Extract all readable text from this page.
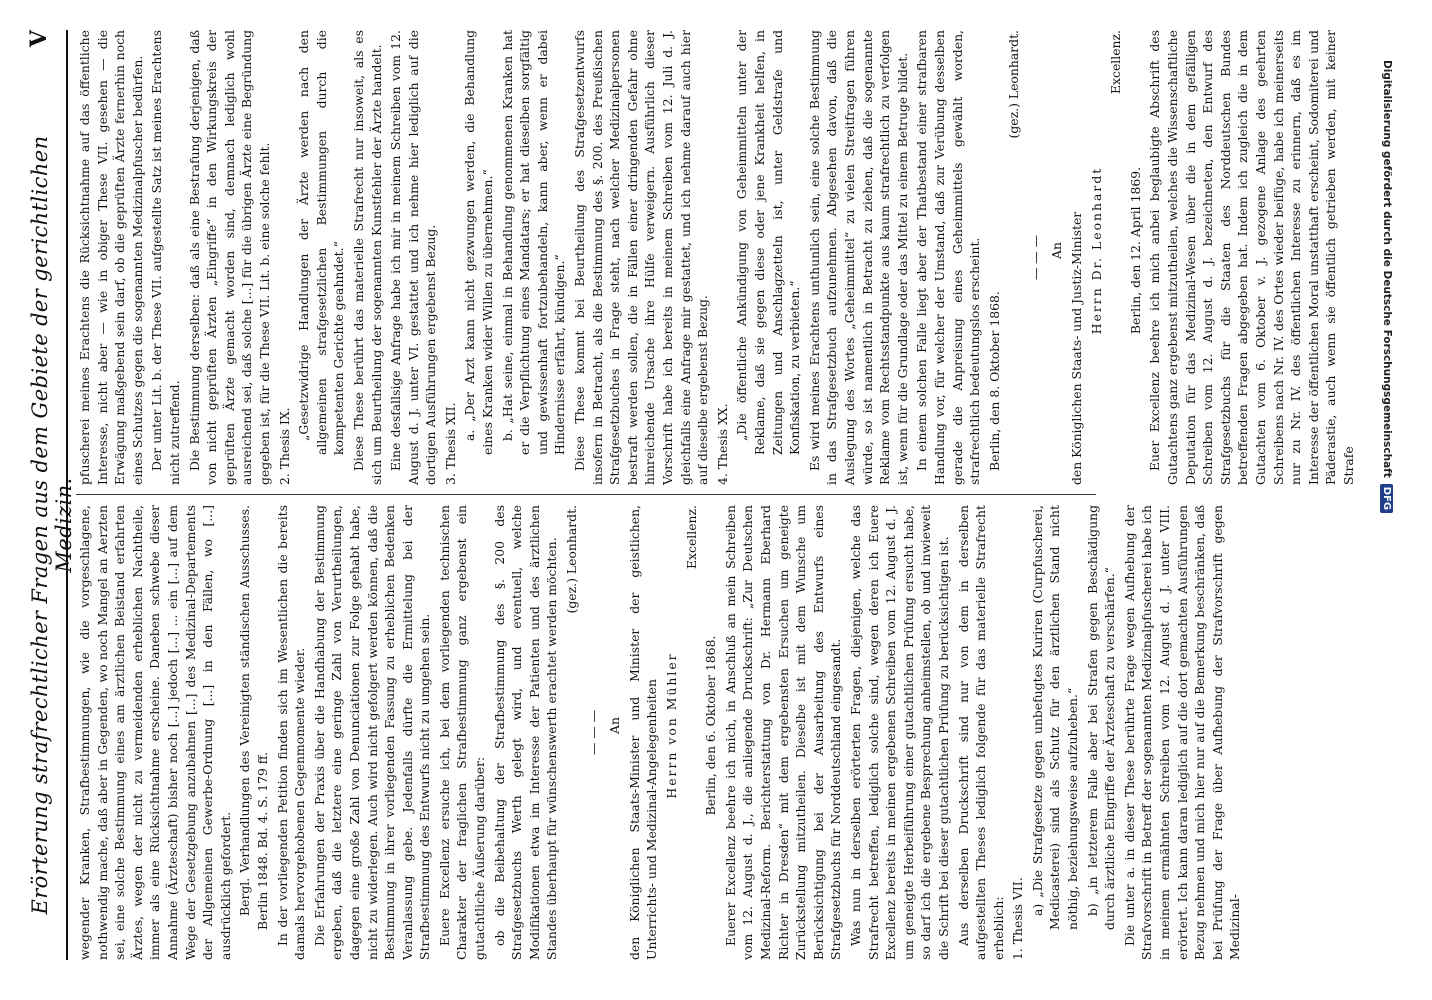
Erörterung strafrechtlicher Fragen aus dem Gebiete der gerichtlichen Medizin.
V

wegender Kranken, Strafbestimmungen, wie die vorgeschlagene, nothwendig mache, daß aber in Gegenden, wo noch Mangel an Aerzten sei, eine solche Bestimmung eines am ärztlichen Beistand erfahrten Ärztes, wegen der nicht zu vermeidenden erheblichen Nachtheile, immer als eine Rücksichtnahme erscheine. Daneben schwebe dieser Annahme (Ärzteschaft) bisher noch [...] jedoch [...] ... ein [...] auf dem Wege der Gesetzgebung anzubahnen [...] des Medizinal-Departements der Allgemeinen Gewerbe-Ordnung [...] in den Fällen, wo [...] ausdrücklich gefordert. Bergl. Verhandlungen des Vereinigten ständischen Ausschusses. Berlin 1848. Bd. 4. S. 179 ff. In der vorliegenden Petition finden sich im Wesentlichen die bereits damals hervorgehobenen Gegenmomente wieder. Die Erfahrungen der Praxis über die Handhabung der Bestimmung ergeben, daß die letztere eine geringe Zahl von Verurtheilungen, dagegen eine große Zahl von Denunciationen zur Folge gehabt habe, nicht zu widerlegen. Auch wird nicht gefolgert werden können, daß die Bestimmung in ihrer vorliegenden Fassung zu erheblichen Bedenken Veranlassung gebe. Jedenfalls dürfte die Ermittelung bei der Strafbestimmung des Entwurfs nicht zu umgehen sein. Euere Excellenz ersuche ich, bei dem vorliegenden technischen Charakter der fraglichen Strafbestimmung ganz ergebenst ein gutachtliche Äußerung darüber: ob die Beibehaltung der Strafbestimmung des §. 200 des Strafgesetzbuchs Werth gelegt wird, und eventuell, welche Modifikationen etwa im Interesse der Patienten und des ärztlichen Standes überhaupt für wünschenswerth erachtet werden möchten. (gez.) Leonhardt.

— — — An den Königlichen Staats-Minister und Minister der geistlichen, Unterrichts- und Medizinal-Angelegenheiten Herrn von Mühler

Excellenz.

Berlin, den 6. Oktober 1868. Euerer Excellenz beehre ich mich, in Anschluß an mein Schreiben vom 12. August d. J., die anliegende Druckschrift: „Zur Deutschen Medizinal-Reform. Berichterstattung von Dr. Hermann Eberhard Richter in Dresden“ mit dem ergebensten Ersuchen um geneigte Zurückstellung mitzutheilen. Dieselbe ist mit dem Wunsche um Berücksichtigung bei der Ausarbeitung des Entwurfs eines Strafgesetzbuchs für Norddeutschland eingesandt. Was nun in derselben erörterten Fragen, diejenigen, welche das Strafrecht betreffen, lediglich solche sind, wegen deren ich Euere Excellenz bereits in meinen ergebenen Schreiben vom 12. August d. J. um geneigte Herbeiführung einer gutachtlichen Prüfung ersucht habe, so darf ich die ergebene Besprechung anheimstellen, ob und inwieweit die Schrift bei dieser gutachtlichen Prüfung zu berücksichtigen ist. Aus derselben Druckschrift sind nur von dem in derselben aufgestellten Theses lediglich folgende für das materielle Strafrecht erheblich: 1. Thesis VII.

a) „Die Strafgesetze gegen unbefugtes Kuriren (Curpfuscherei, Medicasterei) sind als Schutz für den ärztlichen Stand nicht nöthig, beziehungsweise aufzuheben.“ b) „in letzterem Falle aber bei Strafen gegen Beschädigung durch ärztliche Eingriffe der Ärzteschaft zu verschärfen.“ Die unter a. in dieser These berührte Frage wegen Aufhebung der Strafvorschrift in Betreff der sogenannten Medizinalpfuscherei habe ich in meinem ermähnten Schreiben vom 12. August d. J. unter VIII. erörtert. Ich kann daran lediglich auf die dort gemachten Ausführungen Bezug nehmen und mich hier nur auf die Bemerkung beschränken, daß bei Prüfung der Frage über Aufhebung der Strafvorschrift gegen Medizinal-

pfuscherei meines Erachtens die Rücksichtnahme auf das öffentliche Interesse, nicht aber — wie in obiger These VII. gesehen — die Erwägung maßgebend sein darf, ob die geprüften Ärzte fernerhin noch eines Schutzes gegen die sogenannten Medizinalpfuscher bedürfen. Der unter Lit. b. der These VII. aufgestellte Satz ist meines Erachtens nicht zutreffend. Die Bestimmung derselben: daß als eine Bestrafung derjenigen, daß von nicht geprüften Ärzten „Eingriffe“ in den Wirkungskreis der geprüften Ärzte gemacht worden sind, demnach lediglich wohl ausreichend sei, daß solche [...] für die übrigen Ärzte eine Begründung gegeben ist, für die These VII. Lit. b. eine solche fehlt. 2. Thesis IX.

„Gesetzwidrige Handlungen der Ärzte werden nach den allgemeinen strafgesetzlichen Bestimmungen durch die kompetenten Gerichte geahndet.“ Diese These berührt das materielle Strafrecht nur insoweit, als es sich um Beurtheilung der sogenannten Kunstfehler der Ärzte handelt. Eine desfallsige Anfrage habe ich mir in meinem Schreiben vom 12. August d. J. unter VI. gestattet und ich nehme hier lediglich auf die dortigen Ausführungen ergebenst Bezug. 3. Thesis XII.

a. „Der Arzt kann nicht gezwungen werden, die Behandlung eines Kranken wider Willen zu übernehmen.“ b. „Hat seine, einmal in Behandlung genommenen Kranken hat er die Verpflichtung eines Mandatars; er hat dieselben sorgfältig und gewissenhaft fortzubehandeln, kann aber, wenn er dabei Hindernisse erfährt, kündigen.“ Diese These kommt bei Beurtheilung des Strafgesetzentwurfs insofern in Betracht, als die Bestimmung des §. 200. des Preußischen Strafgesetzbuches in Frage steht, nach welcher Medizinalpersonen bestraft werden sollen, die in Fällen einer dringenden Gefahr ohne hinreichende Ursache ihre Hülfe verweigern. Ausführlich dieser Vorschrift habe ich bereits in meinem Schreiben vom 12. Juli d. J. gleichfalls eine Anfrage mir gestattet, und ich nehme darauf auch hier auf dieselbe ergebenst Bezug. 4. Thesis XX.

„Die öffentliche Ankündigung von Geheimmitteln unter der Reklame, daß sie gegen diese oder jene Krankheit helfen, in Zeitungen und Anschlagzetteln ist, unter Geldstrafe und Konfiskation, zu verbieten.“ Es wird meines Erachtens unthunlich sein, eine solche Bestimmung in das Strafgesetzbuch aufzunehmen. Abgesehen davon, daß die Auslegung des Wortes „Geheimmittel“ zu vielen Streitfragen führen würde, so ist namentlich in Betracht zu ziehen, daß die sogenannte Reklame vom Rechtsstandpunkte aus kaum strafrechtlich zu verfolgen ist, wenn für die Grundlage oder das Mittel zu einem Betruge bildet. In einem solchen Falle liegt aber der Thatbestand einer strafbaren Handlung vor, für welcher der Umstand, daß zur Verübung desselben gerade die Anpreisung eines Geheimmittels gewählt worden, strafrechtlich bedeutungslos erscheint. Berlin, den 8. Oktober 1868.

(gez.) Leonhardt.

— — — An den Königlichen Staats- und Justiz-Minister Herrn Dr. Leonhardt

Excellenz.

Berlin, den 12. April 1869. Euer Excellenz beehre ich mich anbei beglaubigte Abschrift des Gutachtens ganz ergebenst mitzutheilen, welches die Wissenschaftliche Deputation für das Medizinal-Wesen über die in dem gefälligen Schreiben vom 12. August d. J. bezeichneten, den Entwurf des Strafgesetzbuchs für die Staaten des Norddeutschen Bundes betreffenden Fragen abgegeben hat. Indem ich zugleich die in dem Gutachten vom 6. Oktober v. J. gezogene Anlage des geehrten Schreibens nach Nr. IV. des Ortes wieder beifüge, habe ich meinerseits nur zu Nr. IV. des öffentlichen Interesse zu erinnern, daß es im Interesse der öffentlichen Moral unstatthaft erscheint, Sodomiterei und Päderastie, auch wenn sie öffentlich getrieben werden, mit keiner Strafe Digitalisierung gefördert durch die Deutsche Forschungsgemeinschaft
DFG
